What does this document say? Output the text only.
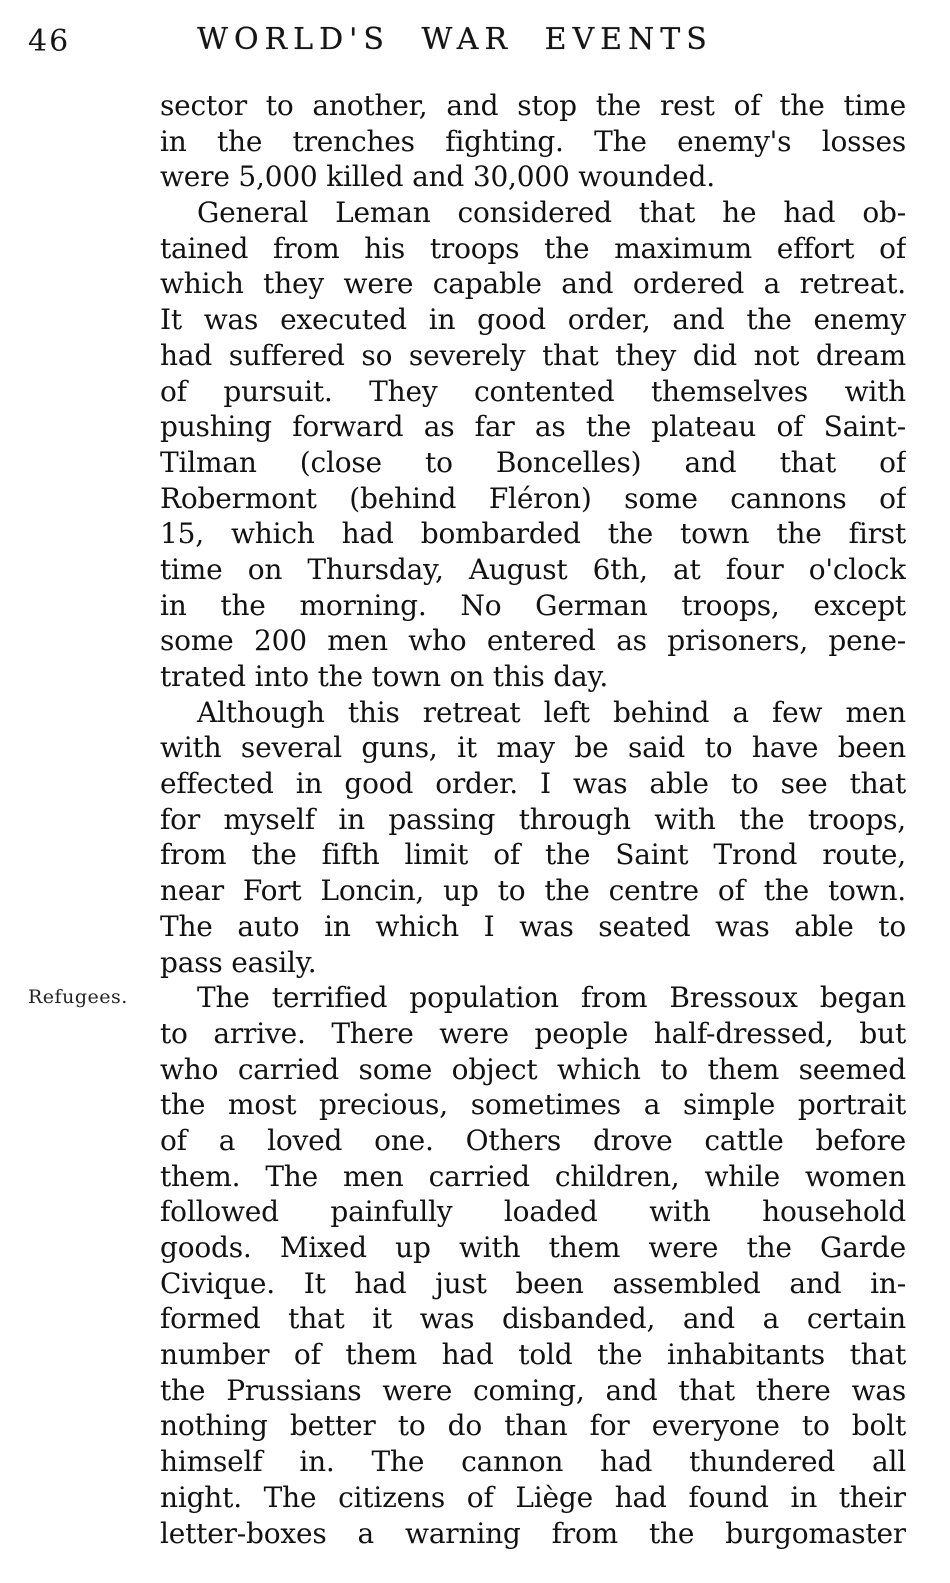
46	WORLD'S WAR EVENTS
Refugees.

sector to another, and stop the rest of the time
in the trenches fighting. The enemy's losses
were 5,000 killed and 30,000 wounded.

General Leman considered that he had ob-
tained from his troops the maximum effort of
which they were capable and ordered a retreat.
It was executed in good order, and the enemy
had suffered so severely that they did not dream
of pursuit. They contented themselves with
pushing forward as far as the plateau of Saint-
Tilman (close to Boncelles) and that of
Robermont (behind Fléron) some cannons of
15, which had bombarded the town the first
time on Thursday, August 6th, at four o'clock
in the morning. No German troops, except
some 200 men who entered as prisoners, pene-
trated into the town on this day.

Although this retreat left behind a few men
with several guns, it may be said to have been
effected in good order. I was able to see that
for myself in passing through with the troops,
from the fifth limit of the Saint Trond route,
near Fort Loncin, up to the centre of the town.
The auto in which I was seated was able to
pass easily.

The terrified population from Bressoux began
to arrive. There were people half-dressed, but
who carried some object which to them seemed
the most precious, sometimes a simple portrait
of a loved one. Others drove cattle before
them. The men carried children, while women
followed painfully loaded with household
goods. Mixed up with them were the Garde
Civique. It had just been assembled and in-
formed that it was disbanded, and a certain
number of them had told the inhabitants that
the Prussians were coming, and that there was
nothing better to do than for everyone to bolt
himself in. The cannon had thundered all
night. The citizens of Liège had found in their
letter-boxes a warning from the burgomaster
